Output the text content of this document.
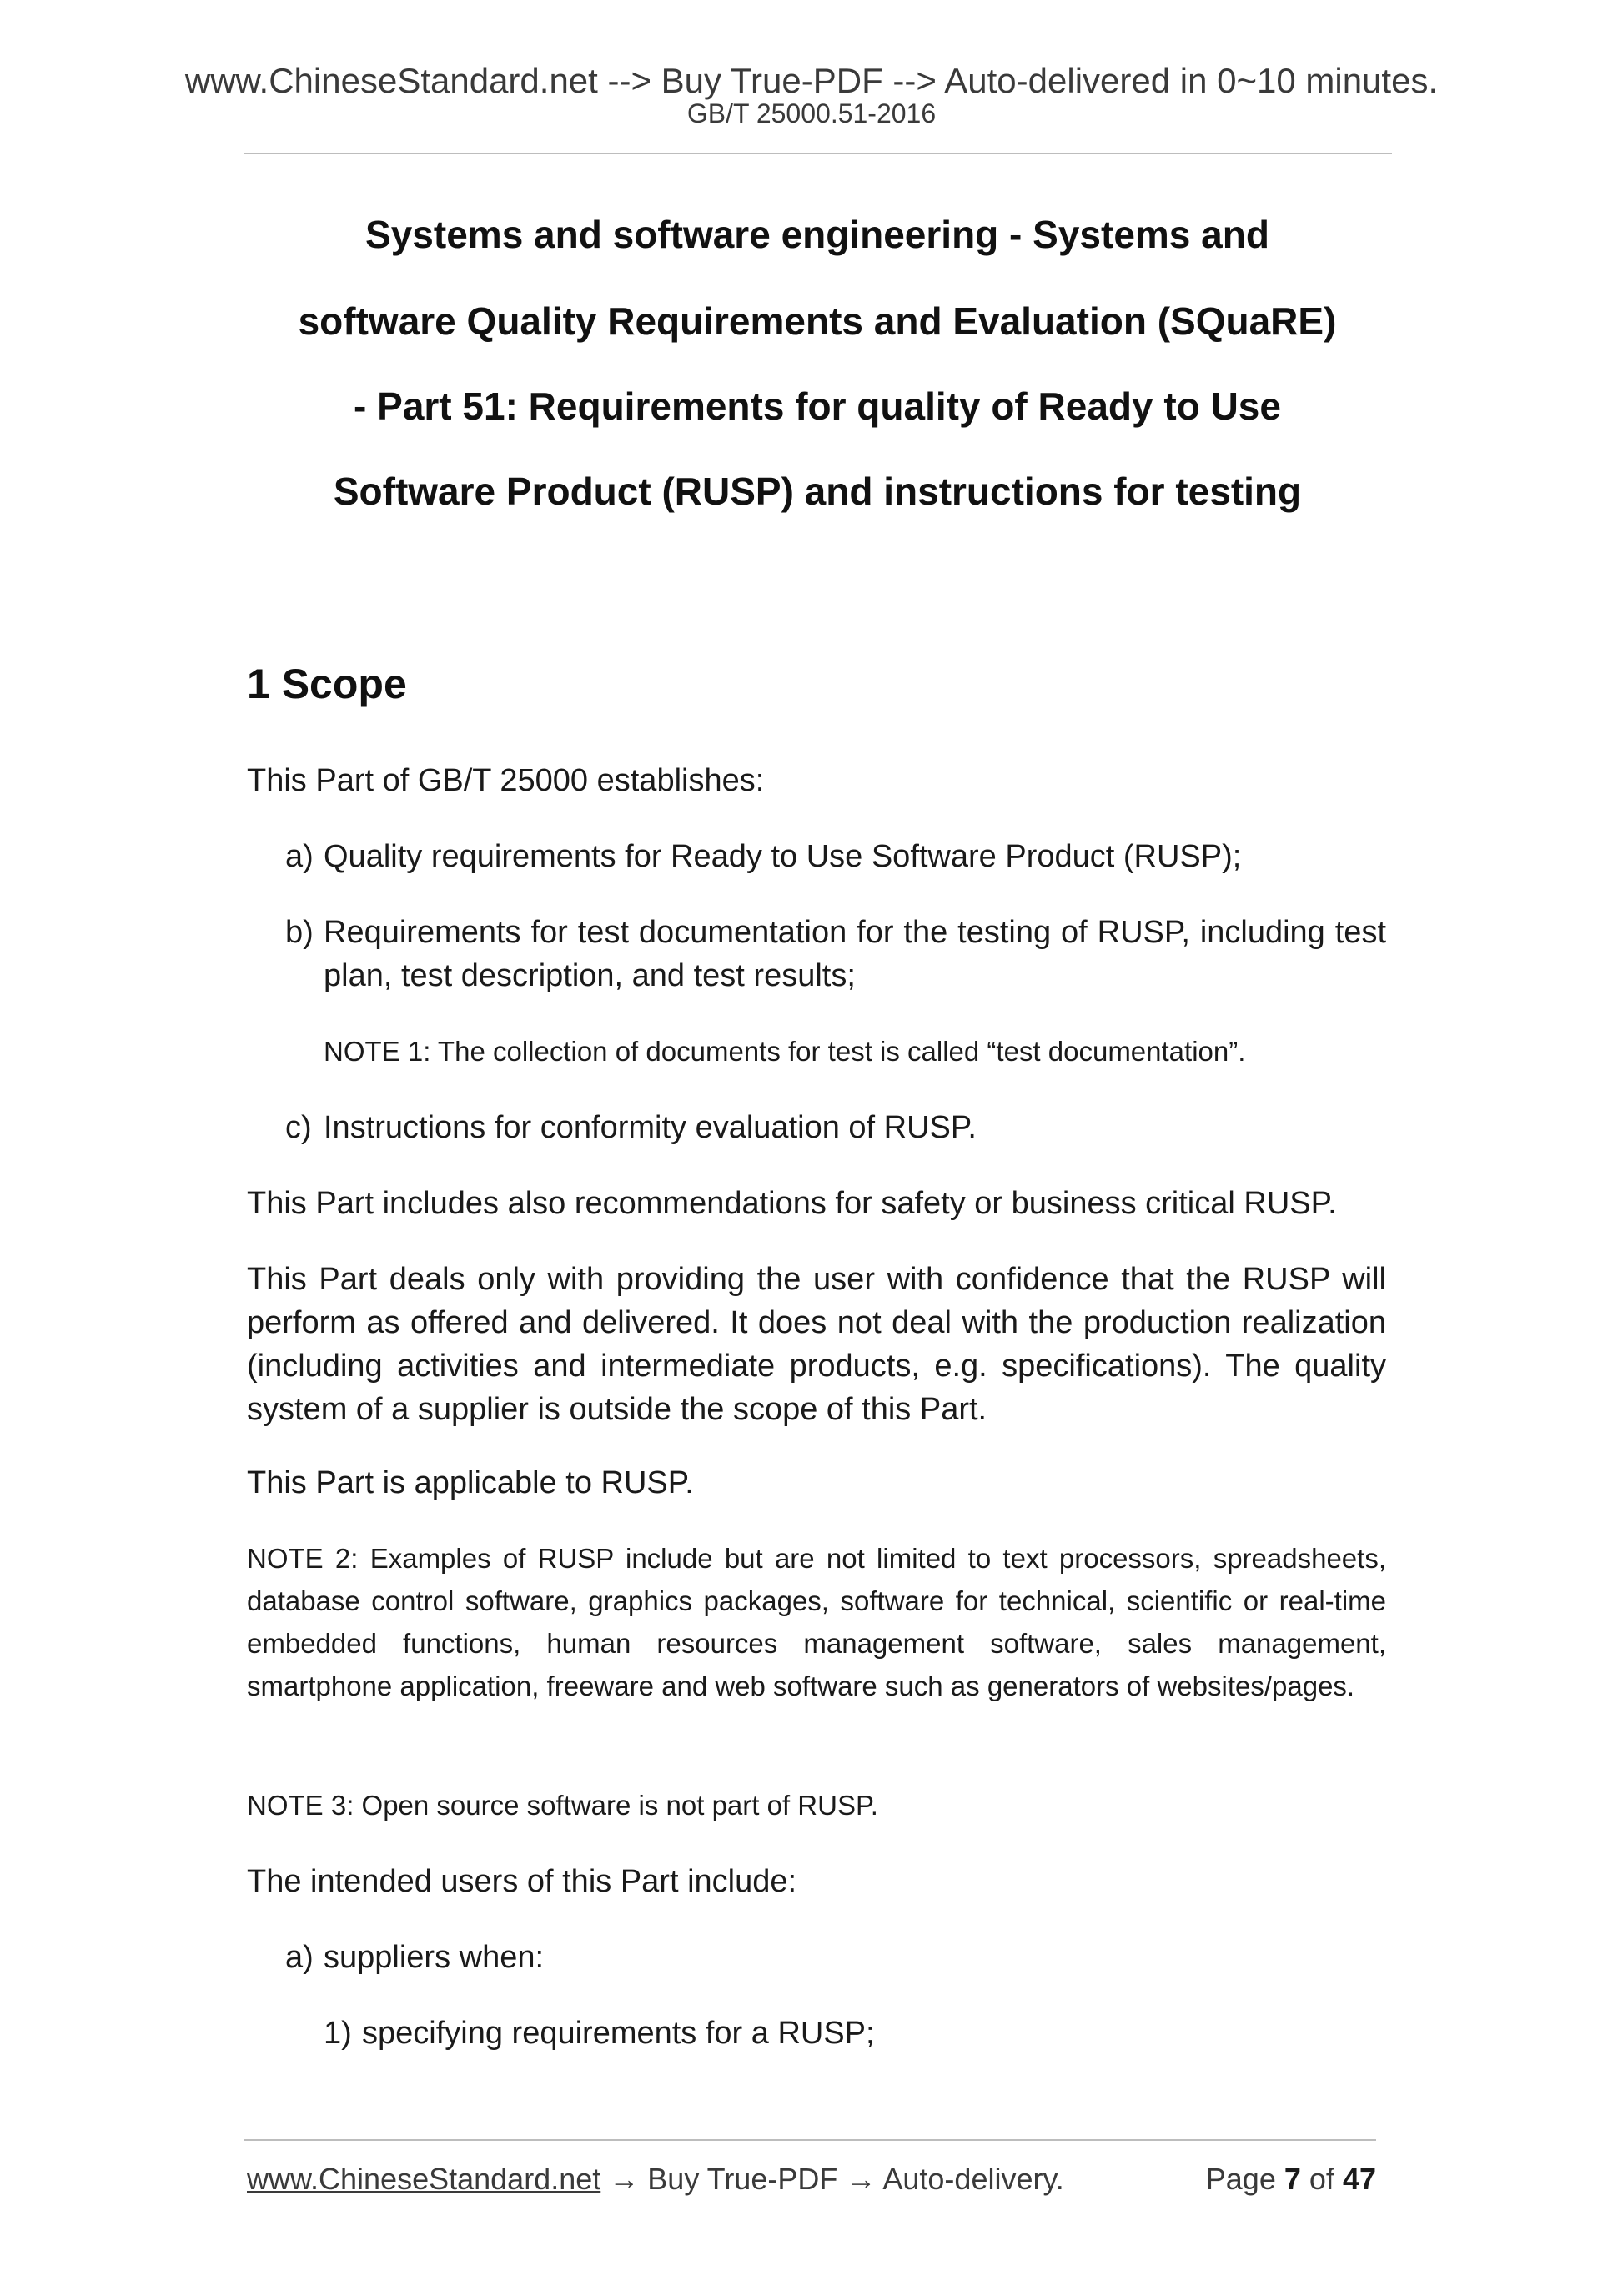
www.ChineseStandard.net --> Buy True-PDF --> Auto-delivered in 0~10 minutes.
GB/T 25000.51-2016
Systems and software engineering - Systems and
software Quality Requirements and Evaluation (SQuaRE)
- Part 51: Requirements for quality of Ready to Use
Software Product (RUSP) and instructions for testing
1 Scope
This Part of GB/T 25000 establishes:
a) Quality requirements for Ready to Use Software Product (RUSP);
b) Requirements for test documentation for the testing of RUSP, including test plan, test description, and test results;
NOTE 1: The collection of documents for test is called “test documentation”.
c) Instructions for conformity evaluation of RUSP.
This Part includes also recommendations for safety or business critical RUSP.
This Part deals only with providing the user with confidence that the RUSP will perform as offered and delivered. It does not deal with the production realization (including activities and intermediate products, e.g. specifications). The quality system of a supplier is outside the scope of this Part.
This Part is applicable to RUSP.
NOTE 2: Examples of RUSP include but are not limited to text processors, spreadsheets, database control software, graphics packages, software for technical, scientific or real-time embedded functions, human resources management software, sales management, smartphone application, freeware and web software such as generators of websites/pages.
NOTE 3: Open source software is not part of RUSP.
The intended users of this Part include:
a) suppliers when:
1) specifying requirements for a RUSP;
www.ChineseStandard.net → Buy True-PDF → Auto-delivery.	Page 7 of 47
